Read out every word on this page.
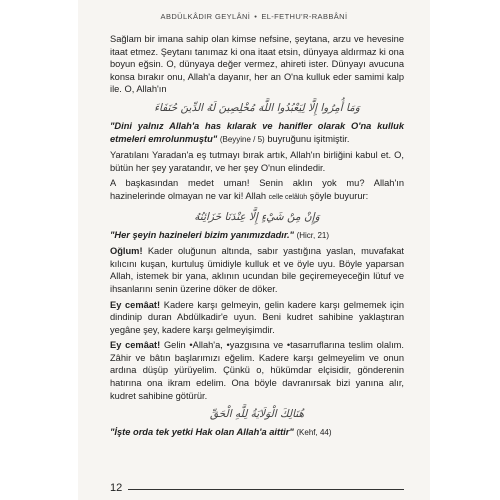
ABDÜLKÂDIR GEYLÂNİ • EL-FETHU'R-RABBÂNİ

Sağlam bir imana sahip olan kimse nefsine, şeytana, arzu ve hevesine itaat etmez. Şeytanı tanımaz ki ona itaat etsin, dünyaya aldırmaz ki ona boyun eğsin. O, dünyaya değer vermez, ahireti ister. Dünyayı avucuna konsa bırakır onu, Allah'a dayanır, her an O'na kulluk eder samimi kalp ile. O, Allah'ın

وَمَا أُمِرُوا إِلَّا لِيَعْبُدُوا اللَّهَ مُخْلِصِينَ لَهُ الدِّينَ حُنَفَاءَ

"Dini yalnız Allah'a has kılarak ve hanifler olarak O'na kulluk etmeleri emrolunmuştu" (Beyyine / 5) buyruğunu işitmiştir.

Yaratılanı Yaradan'a eş tutmayı bırak artık, Allah'ın birliğini kabul et. O, bütün her şey yaratandır, ve her şey O'nun elindedir.

A başkasından medet uman! Senin aklın yok mu? Allah'ın hazinelerinde olmayan ne var ki! Allah celle celâlüh şöyle buyurur:

وَإِنْ مِنْ شَيْءٍ إِلَّا عِنْدَنَا خَزَائِنُهُ

"Her şeyin hazineleri bizim yanımızdadır." (Hicr, 21)

Oğlum! Kader oluğunun altında, sabır yastığına yaslan, muvafakat kılıcını kuşan, kurtuluş ümidiyle kulluk et ve öyle uyu. Böyle yaparsan Allah, istemek bir yana, aklının ucundan bile geçiremeyeceğin lütuf ve ihsanlarını senin üzerine döker de döker.

Ey cemâat! Kadere karşı gelmeyin, gelin kadere karşı gelmemek için dindinip duran Abdülkadir'e uyun. Beni kudret sahibine yaklaştıran yegâne şey, kadere karşı gelmeyişimdir.

Ey cemâat! Gelin •Allah'a, •yazgısına ve •tasarruflarına teslim olalım. Zâhir ve bâtın başlarımızı eğelim. Kadere karşı gelmeyelim ve onun ardına düşüp yürüyelim. Çünkü o, hükümdar elçisidir, gönderenin hatırına ona ikram edelim. Ona böyle davranırsak bizi yanına alır, kudret sahibine götürür.

هُنَالِكَ الْوَلَايَةُ لِلَّهِ الْحَقِّ

"İşte orda tek yetki Hak olan Allah'a aittir" (Kehf, 44)

12
